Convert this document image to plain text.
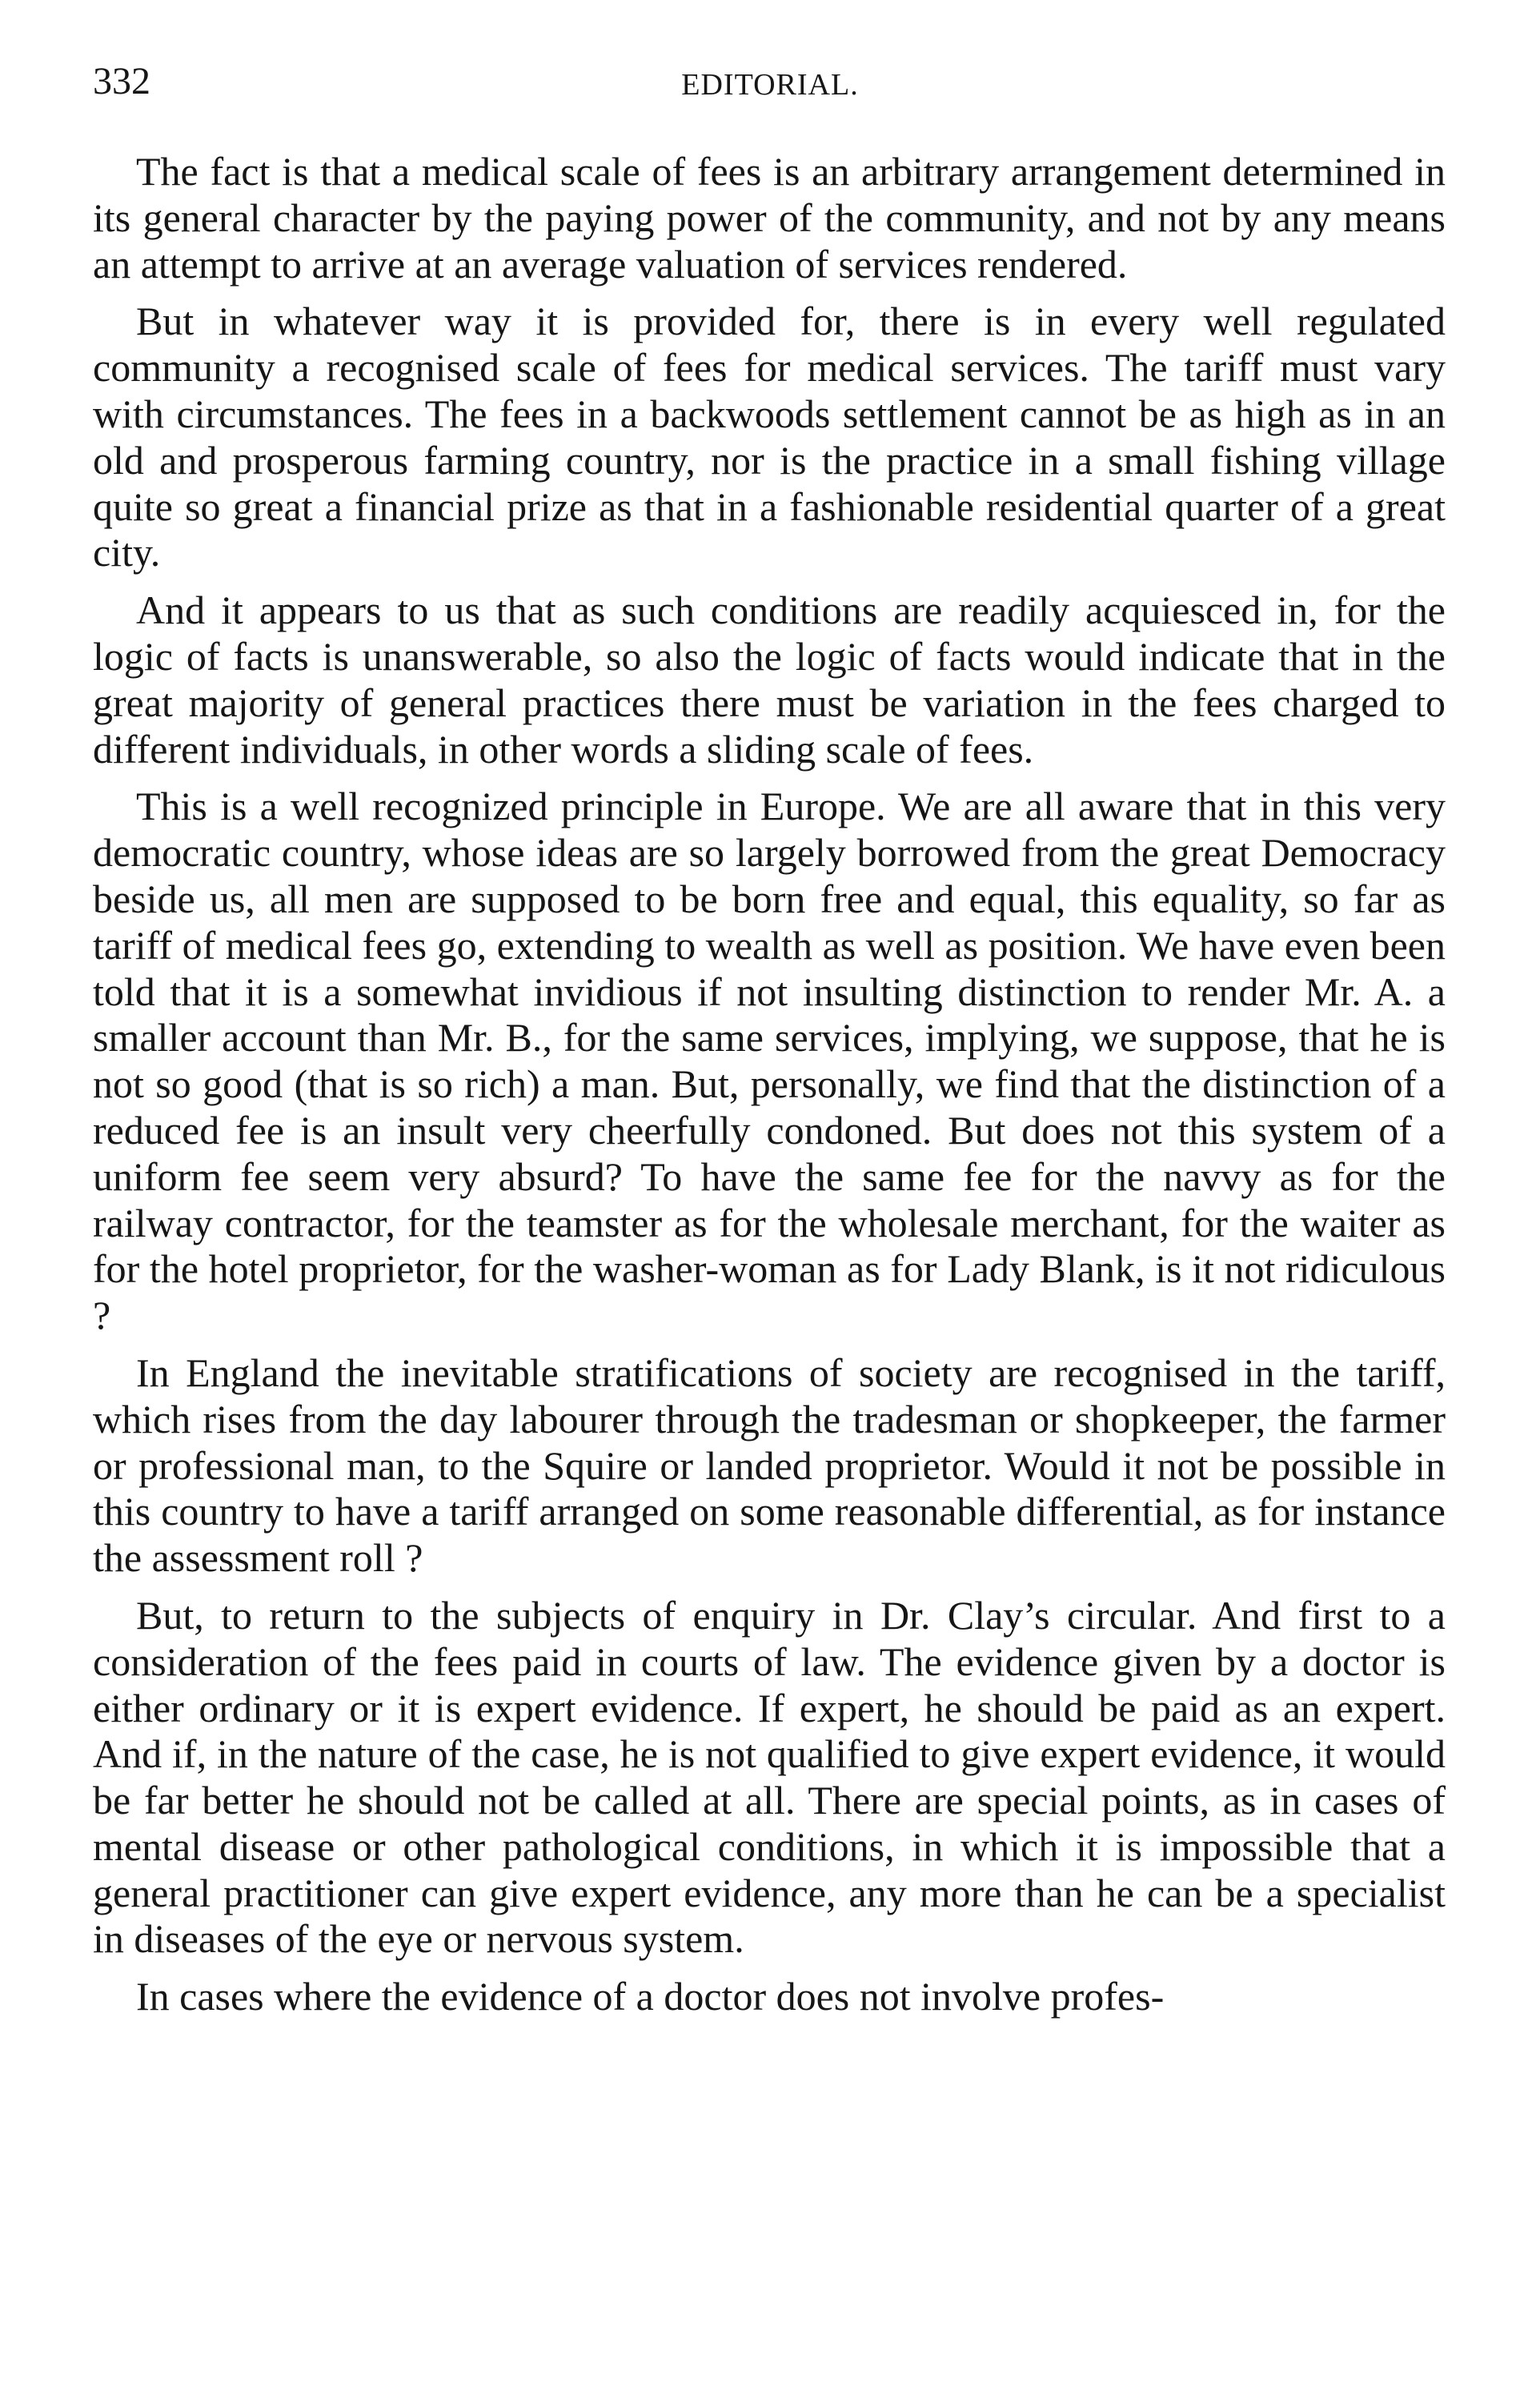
332	EDITORIAL.

The fact is that a medical scale of fees is an arbitrary arrangement determined in its general character by the paying power of the community, and not by any means an attempt to arrive at an average valuation of services rendered.

But in whatever way it is provided for, there is in every well regulated community a recognised scale of fees for medical services. The tariff must vary with circumstances. The fees in a backwoods settlement cannot be as high as in an old and prosperous farming country, nor is the practice in a small fishing village quite so great a financial prize as that in a fashionable residential quarter of a great city.

And it appears to us that as such conditions are readily acquiesced in, for the logic of facts is unanswerable, so also the logic of facts would indicate that in the great majority of general practices there must be variation in the fees charged to different individuals, in other words a sliding scale of fees.

This is a well recognized principle in Europe. We are all aware that in this very democratic country, whose ideas are so largely borrowed from the great Democracy beside us, all men are supposed to be born free and equal, this equality, so far as tariff of medical fees go, extending to wealth as well as position. We have even been told that it is a somewhat invidious if not insulting distinction to render Mr. A. a smaller account than Mr. B., for the same services, implying, we suppose, that he is not so good (that is so rich) a man. But, personally, we find that the distinction of a reduced fee is an insult very cheerfully condoned. But does not this system of a uniform fee seem very absurd? To have the same fee for the navvy as for the railway contractor, for the teamster as for the wholesale merchant, for the waiter as for the hotel proprietor, for the washer-woman as for Lady Blank, is it not ridiculous ?

In England the inevitable stratifications of society are recognised in the tariff, which rises from the day labourer through the tradesman or shopkeeper, the farmer or professional man, to the Squire or landed proprietor. Would it not be possible in this country to have a tariff arranged on some reasonable differential, as for instance the assessment roll ?

But, to return to the subjects of enquiry in Dr. Clay’s circular. And first to a consideration of the fees paid in courts of law. The evidence given by a doctor is either ordinary or it is expert evidence. If expert, he should be paid as an expert. And if, in the nature of the case, he is not qualified to give expert evidence, it would be far better he should not be called at all. There are special points, as in cases of mental disease or other pathological conditions, in which it is impossible that a general practitioner can give expert evidence, any more than he can be a specialist in diseases of the eye or nervous system.

In cases where the evidence of a doctor does not involve profes-
